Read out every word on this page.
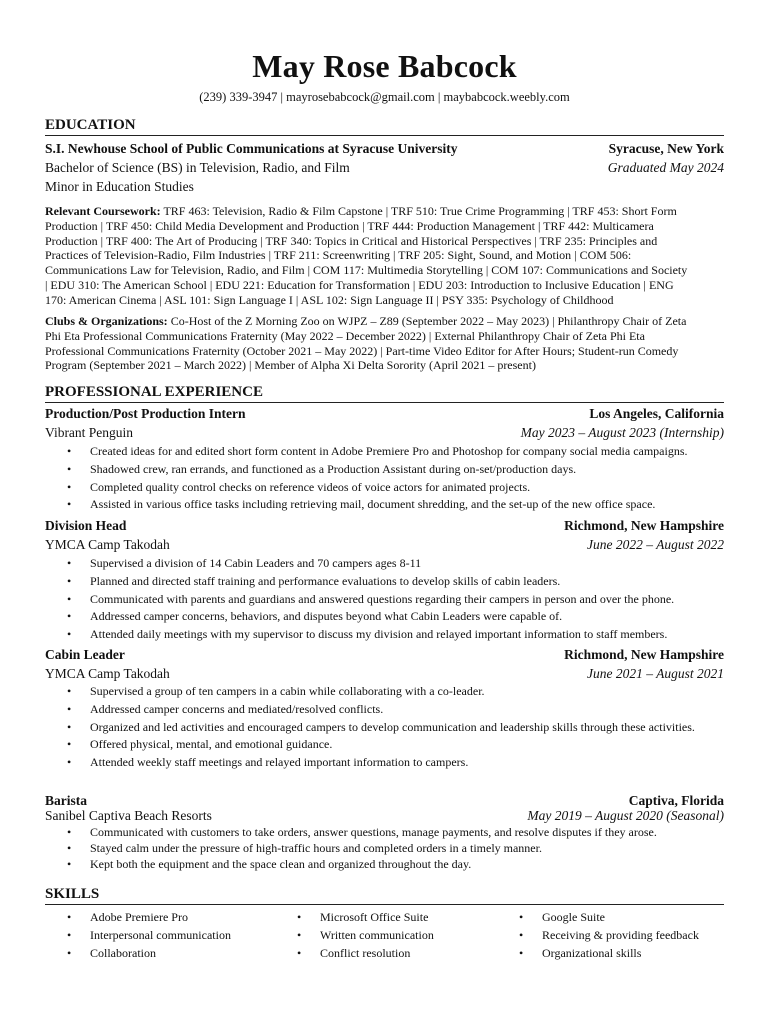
May Rose Babcock
(239) 339-3947 | mayrosebabcock@gmail.com | maybabcock.weebly.com
EDUCATION
S.I. Newhouse School of Public Communications at Syracuse University	Syracuse, New York
Bachelor of Science (BS) in Television, Radio, and Film	Graduated May 2024
Minor in Education Studies
Relevant Coursework: TRF 463: Television, Radio & Film Capstone | TRF 510: True Crime Programming | TRF 453: Short Form
Production | TRF 450: Child Media Development and Production | TRF 444: Production Management | TRF 442: Multicamera
Production | TRF 400: The Art of Producing | TRF 340: Topics in Critical and Historical Perspectives | TRF 235: Principles and
Practices of Television-Radio, Film Industries | TRF 211: Screenwriting | TRF 205: Sight, Sound, and Motion | COM 506:
Communications Law for Television, Radio, and Film | COM 117: Multimedia Storytelling | COM 107: Communications and Society
| EDU 310: The American School | EDU 221: Education for Transformation | EDU 203: Introduction to Inclusive Education | ENG
170: American Cinema | ASL 101: Sign Language I | ASL 102: Sign Language II | PSY 335: Psychology of Childhood
Clubs & Organizations: Co-Host of the Z Morning Zoo on WJPZ – Z89 (September 2022 – May 2023) | Philanthropy Chair of Zeta
Phi Eta Professional Communications Fraternity (May 2022 – December 2022) | External Philanthropy Chair of Zeta Phi Eta
Professional Communications Fraternity (October 2021 – May 2022) | Part-time Video Editor for After Hours; Student-run Comedy
Program (September 2021 – March 2022) | Member of Alpha Xi Delta Sorority (April 2021 – present)
PROFESSIONAL EXPERIENCE
Production/Post Production Intern	Los Angeles, California
Vibrant Penguin	May 2023 – August 2023 (Internship)
• Created ideas for and edited short form content in Adobe Premiere Pro and Photoshop for company social media campaigns.
• Shadowed crew, ran errands, and functioned as a Production Assistant during on-set/production days.
• Completed quality control checks on reference videos of voice actors for animated projects.
• Assisted in various office tasks including retrieving mail, document shredding, and the set-up of the new office space.
Division Head	Richmond, New Hampshire
YMCA Camp Takodah	June 2022 – August 2022
• Supervised a division of 14 Cabin Leaders and 70 campers ages 8-11
• Planned and directed staff training and performance evaluations to develop skills of cabin leaders.
• Communicated with parents and guardians and answered questions regarding their campers in person and over the phone.
• Addressed camper concerns, behaviors, and disputes beyond what Cabin Leaders were capable of.
• Attended daily meetings with my supervisor to discuss my division and relayed important information to staff members.
Cabin Leader	Richmond, New Hampshire
YMCA Camp Takodah	June 2021 – August 2021
• Supervised a group of ten campers in a cabin while collaborating with a co-leader.
• Addressed camper concerns and mediated/resolved conflicts.
• Organized and led activities and encouraged campers to develop communication and leadership skills through these activities.
• Offered physical, mental, and emotional guidance.
• Attended weekly staff meetings and relayed important information to campers.
Barista	Captiva, Florida
Sanibel Captiva Beach Resorts	May 2019 – August 2020 (Seasonal)
• Communicated with customers to take orders, answer questions, manage payments, and resolve disputes if they arose.
• Stayed calm under the pressure of high-traffic hours and completed orders in a timely manner.
• Kept both the equipment and the space clean and organized throughout the day.
SKILLS
• Adobe Premiere Pro
• Interpersonal communication
• Collaboration
• Microsoft Office Suite
• Written communication
• Conflict resolution
• Google Suite
• Receiving & providing feedback
• Organizational skills
